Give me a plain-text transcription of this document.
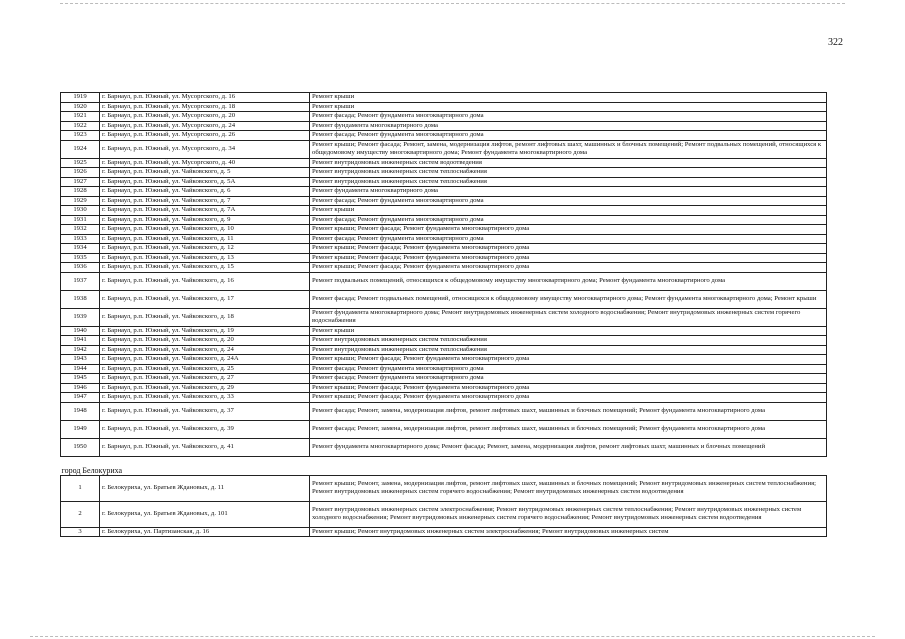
322
1919	г. Барнаул, р.п. Южный, ул. Мусоргского, д. 16	Ремонт крыши
1920	г. Барнаул, р.п. Южный, ул. Мусоргского, д. 18	Ремонт крыши
1921	г. Барнаул, р.п. Южный, ул. Мусоргского, д. 20	Ремонт фасада; Ремонт фундамента многоквартирного дома
1922	г. Барнаул, р.п. Южный, ул. Мусоргского, д. 24	Ремонт фундамента многоквартирного дома
1923	г. Барнаул, р.п. Южный, ул. Мусоргского, д. 26	Ремонт фасада; Ремонт фундамента многоквартирного дома
1924	г. Барнаул, р.п. Южный, ул. Мусоргского, д. 34	Ремонт крыши; Ремонт фасада; Ремонт, замена, модернизация лифтов, ремонт лифтовых шахт, машинных и блочных помещений; Ремонт подвальных помещений, относящихся к общедомовому имуществу многоквартирного дома; Ремонт фундамента многоквартирного дома
1925	г. Барнаул, р.п. Южный, ул. Мусоргского, д. 40	Ремонт внутридомовых инженерных систем водоотведения
1926	г. Барнаул, р.п. Южный, ул. Чайковского, д. 5	Ремонт внутридомовых инженерных систем теплоснабжения
1927	г. Барнаул, р.п. Южный, ул. Чайковского, д. 5А	Ремонт внутридомовых инженерных систем теплоснабжения
1928	г. Барнаул, р.п. Южный, ул. Чайковского, д. 6	Ремонт фундамента многоквартирного дома
1929	г. Барнаул, р.п. Южный, ул. Чайковского, д. 7	Ремонт фасада; Ремонт фундамента многоквартирного дома
1930	г. Барнаул, р.п. Южный, ул. Чайковского, д. 7А	Ремонт крыши
1931	г. Барнаул, р.п. Южный, ул. Чайковского, д. 9	Ремонт фасада; Ремонт фундамента многоквартирного дома
1932	г. Барнаул, р.п. Южный, ул. Чайковского, д. 10	Ремонт крыши; Ремонт фасада; Ремонт фундамента многоквартирного дома
1933	г. Барнаул, р.п. Южный, ул. Чайковского, д. 11	Ремонт фасада; Ремонт фундамента многоквартирного дома
1934	г. Барнаул, р.п. Южный, ул. Чайковского, д. 12	Ремонт крыши; Ремонт фасада; Ремонт фундамента многоквартирного дома
1935	г. Барнаул, р.п. Южный, ул. Чайковского, д. 13	Ремонт крыши; Ремонт фасада; Ремонт фундамента многоквартирного дома
1936	г. Барнаул, р.п. Южный, ул. Чайковского, д. 15	Ремонт крыши; Ремонт фасада; Ремонт фундамента многоквартирного дома
1937	г. Барнаул, р.п. Южный, ул. Чайковского, д. 16	Ремонт подвальных помещений, относящихся к общедомовому имуществу многоквартирного дома; Ремонт фундамента многоквартирного дома
1938	г. Барнаул, р.п. Южный, ул. Чайковского, д. 17	Ремонт фасада; Ремонт подвальных помещений, относящихся к общедомовому имуществу многоквартирного дома; Ремонт фундамента многоквартирного дома; Ремонт крыши
1939	г. Барнаул, р.п. Южный, ул. Чайковского, д. 18	Ремонт фундамента многоквартирного дома; Ремонт внутридомовых инженерных систем холодного водоснабжения; Ремонт внутридомовых инженерных систем горячего водоснабжения
1940	г. Барнаул, р.п. Южный, ул. Чайковского, д. 19	Ремонт крыши
1941	г. Барнаул, р.п. Южный, ул. Чайковского, д. 20	Ремонт внутридомовых инженерных систем теплоснабжения
1942	г. Барнаул, р.п. Южный, ул. Чайковского, д. 24	Ремонт внутридомовых инженерных систем теплоснабжения
1943	г. Барнаул, р.п. Южный, ул. Чайковского, д. 24А	Ремонт крыши; Ремонт фасада; Ремонт фундамента многоквартирного дома
1944	г. Барнаул, р.п. Южный, ул. Чайковского, д. 25	Ремонт фасада; Ремонт фундамента многоквартирного дома
1945	г. Барнаул, р.п. Южный, ул. Чайковского, д. 27	Ремонт фасада; Ремонт фундамента многоквартирного дома
1946	г. Барнаул, р.п. Южный, ул. Чайковского, д. 29	Ремонт крыши; Ремонт фасада; Ремонт фундамента многоквартирного дома
1947	г. Барнаул, р.п. Южный, ул. Чайковского, д. 33	Ремонт крыши; Ремонт фасада; Ремонт фундамента многоквартирного дома
1948	г. Барнаул, р.п. Южный, ул. Чайковского, д. 37	Ремонт фасада; Ремонт, замена, модернизация лифтов, ремонт лифтовых шахт, машинных и блочных помещений; Ремонт фундамента многоквартирного дома
1949	г. Барнаул, р.п. Южный, ул. Чайковского, д. 39	Ремонт фасада; Ремонт, замена, модернизация лифтов, ремонт лифтовых шахт, машинных и блочных помещений; Ремонт фундамента многоквартирного дома
1950	г. Барнаул, р.п. Южный, ул. Чайковского, д. 41	Ремонт фундамента многоквартирного дома; Ремонт фасада; Ремонт, замена, модернизация лифтов, ремонт лифтовых шахт, машинных и блочных помещений
город Белокуриха		
1	г. Белокуриха, ул. Братьев Ждановых, д. 11	Ремонт крыши; Ремонт, замена, модернизация лифтов, ремонт лифтовых шахт, машинных и блочных помещений; Ремонт внутридомовых инженерных систем теплоснабжения; Ремонт внутридомовых инженерных систем горячего водоснабжения; Ремонт внутридомовых инженерных систем водоотведения
2	г. Белокуриха, ул. Братьев Ждановых, д. 101	Ремонт внутридомовых инженерных систем электроснабжения; Ремонт внутридомовых инженерных систем теплоснабжения; Ремонт внутридомовых инженерных систем холодного водоснабжения; Ремонт внутридомовых инженерных систем горячего водоснабжения; Ремонт внутридомовых инженерных систем водоотведения
3	г. Белокуриха, ул. Партизанская, д. 16	Ремонт крыши; Ремонт внутридомовых инженерных систем электроснабжения; Ремонт внутридомовых инженерных систем
